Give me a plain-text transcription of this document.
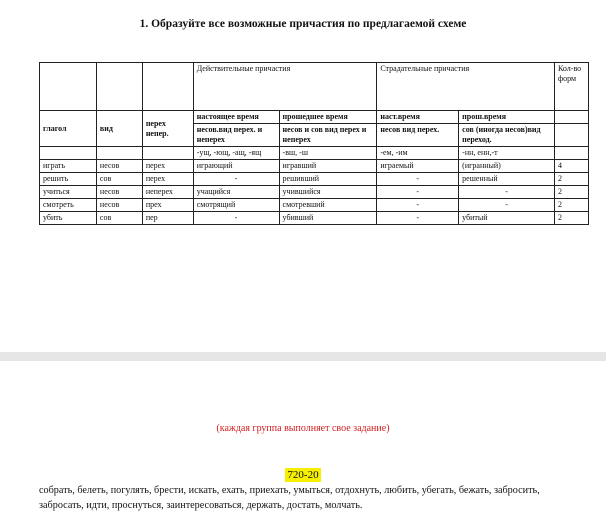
1. Образуйте все возможные причастия по предлагаемой схеме
			Действительные причастия		Страдательные причастия		Кол-во форм
глагол	вид	перех непер.	настоящее время	прошедшее время	наст.время	прош.время	
			несов.вид перех. и неперех	несов и сов вид перех и неперех	несов вид перех.	сов (иногда несов)вид переход.	
			-ущ, -ющ, -ащ, -ящ	-вш, -ш	-ем, -им	-нн, енн,-т	
играть	несов	перех	играющий	игравший	играемый	(игранный)	4
решить	сов	перех	-	решивший	-	решенный	2
учиться	несов	неперех	учащийся	учившийся	-	-	2
смотреть	несов	прех	смотрящий	смотревший	-	-	2
убить	сов	пер	-	убивший	-	убитый	2
(каждая группа выполняет свое задание)
720-20
собрать, белеть, погулять, брести, искать, ехать, приехать, умыться, отдохнуть, любить, убегать, бежать, забросить, забросать, идти, проснуться, заинтересоваться, держать, достать, молчать.
